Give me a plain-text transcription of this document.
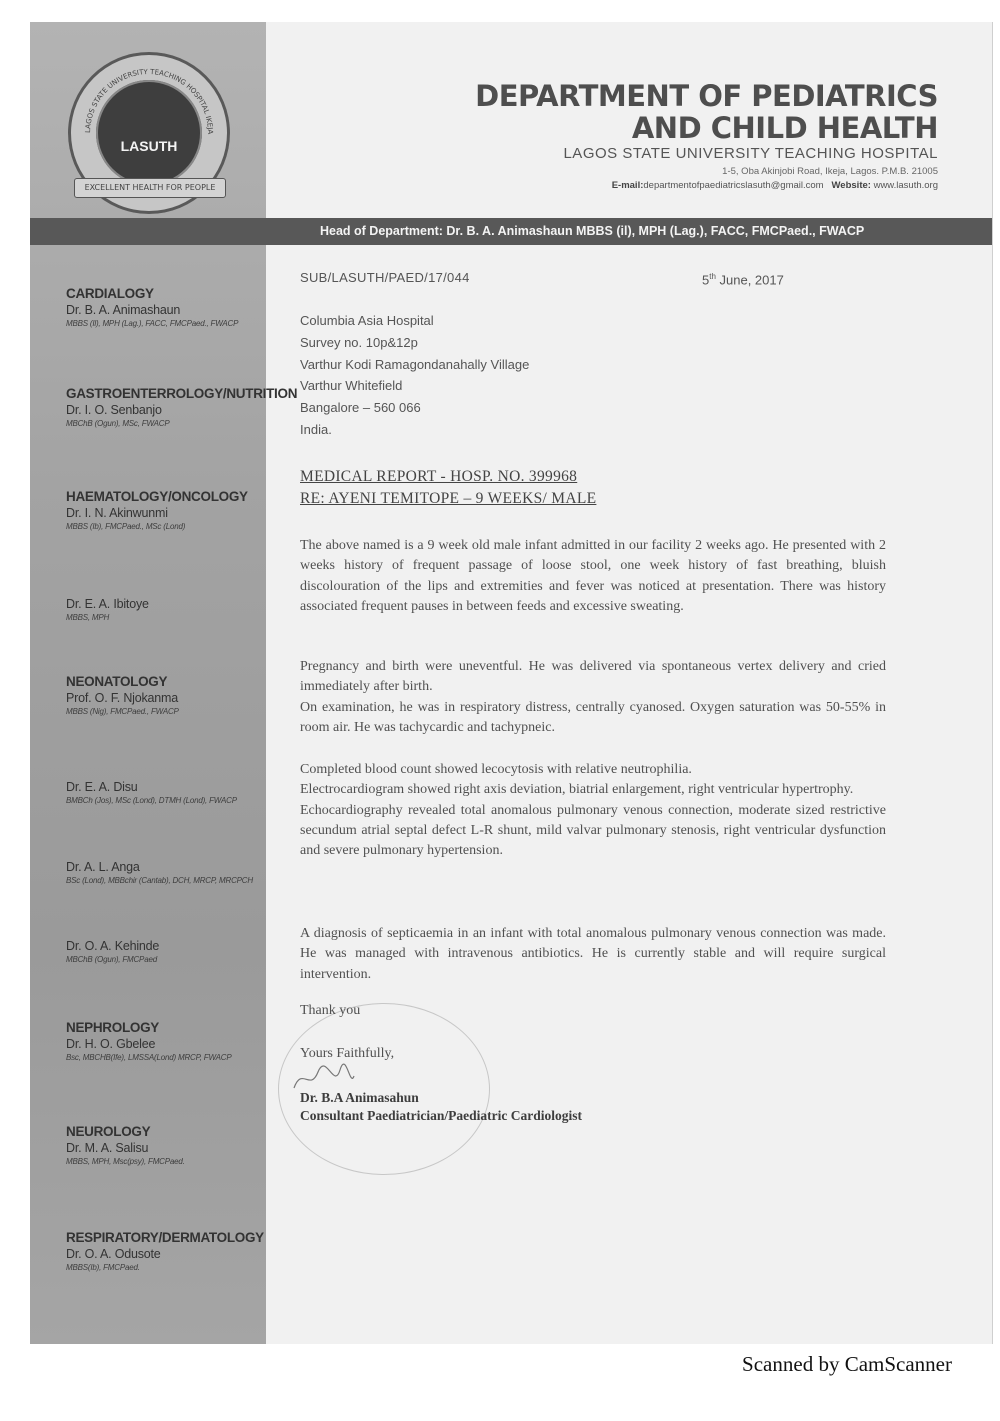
LAGOS STATE UNIVERSITY TEACHING HOSPITAL IKEJA
LASUTH
EXCELLENT HEALTH FOR PEOPLE
DEPARTMENT OF PEDIATRICS
AND CHILD HEALTH
LAGOS STATE UNIVERSITY TEACHING HOSPITAL
1-5, Oba Akinjobi Road, Ikeja, Lagos. P.M.B. 21005
E-mail:departmentofpaediatricslasuth@gmail.com Website: www.lasuth.org
Head of Department: Dr. B. A. Animashaun MBBS (il), MPH (Lag.), FACC, FMCPaed., FWACP
CARDIALOGY
Dr. B. A. Animashaun
MBBS (Il), MPH (Lag.), FACC, FMCPaed., FWACP
GASTROENTERROLOGY/NUTRITION
Dr. I. O. Senbanjo
MBChB (Ogun), MSc, FWACP
HAEMATOLOGY/ONCOLOGY
Dr. I. N. Akinwunmi
MBBS (Ib), FMCPaed., MSc (Lond)
Dr. E. A. Ibitoye
MBBS, MPH
NEONATOLOGY
Prof. O. F. Njokanma
MBBS (Nig), FMCPaed., FWACP
Dr. E. A. Disu
BMBCh (Jos), MSc (Lond), DTMH (Lond), FWACP
Dr. A. L. Anga
BSc (Lond), MBBchir (Cantab), DCH, MRCP, MRCPCH
Dr. O. A. Kehinde
MBChB (Ogun), FMCPaed
NEPHROLOGY
Dr. H. O. Gbelee
Bsc, MBCHB(Ife), LMSSA(Lond) MRCP, FWACP
NEUROLOGY
Dr. M. A. Salisu
MBBS, MPH, Msc(psy), FMCPaed.
RESPIRATORY/DERMATOLOGY
Dr. O. A. Odusote
MBBS(Ib), FMCPaed.
SUB/LASUTH/PAED/17/044	5th June, 2017
Columbia Asia Hospital
Survey no. 10p&12p
Varthur Kodi Ramagondanahally Village
Varthur Whitefield
Bangalore – 560 066
India.
MEDICAL REPORT - HOSP. NO. 399968
RE: AYENI TEMITOPE – 9 WEEKS/ MALE
The above named is a 9 week old male infant admitted in our facility 2 weeks ago. He presented with 2 weeks history of frequent passage of loose stool, one week history of fast breathing, bluish discolouration of the lips and extremities and fever was noticed at presentation. There was history associated frequent pauses in between feeds and excessive sweating.
Pregnancy and birth were uneventful. He was delivered via spontaneous vertex delivery and cried immediately after birth.
On examination, he was in respiratory distress, centrally cyanosed. Oxygen saturation was 50-55% in room air. He was tachycardic and tachypneic.
Completed blood count showed lecocytosis with relative neutrophilia.
Electrocardiogram showed right axis deviation, biatrial enlargement, right ventricular hypertrophy.
Echocardiography revealed total anomalous pulmonary venous connection, moderate sized restrictive secundum atrial septal defect L-R shunt, mild valvar pulmonary stenosis, right ventricular dysfunction and severe pulmonary hypertension.
A diagnosis of septicaemia in an infant with total anomalous pulmonary venous connection was made. He was managed with intravenous antibiotics. He is currently stable and will require surgical intervention.
Thank you
Yours Faithfully,
Dr. B.A Animasahun
Consultant Paediatrician/Paediatric Cardiologist
Scanned by CamScanner
